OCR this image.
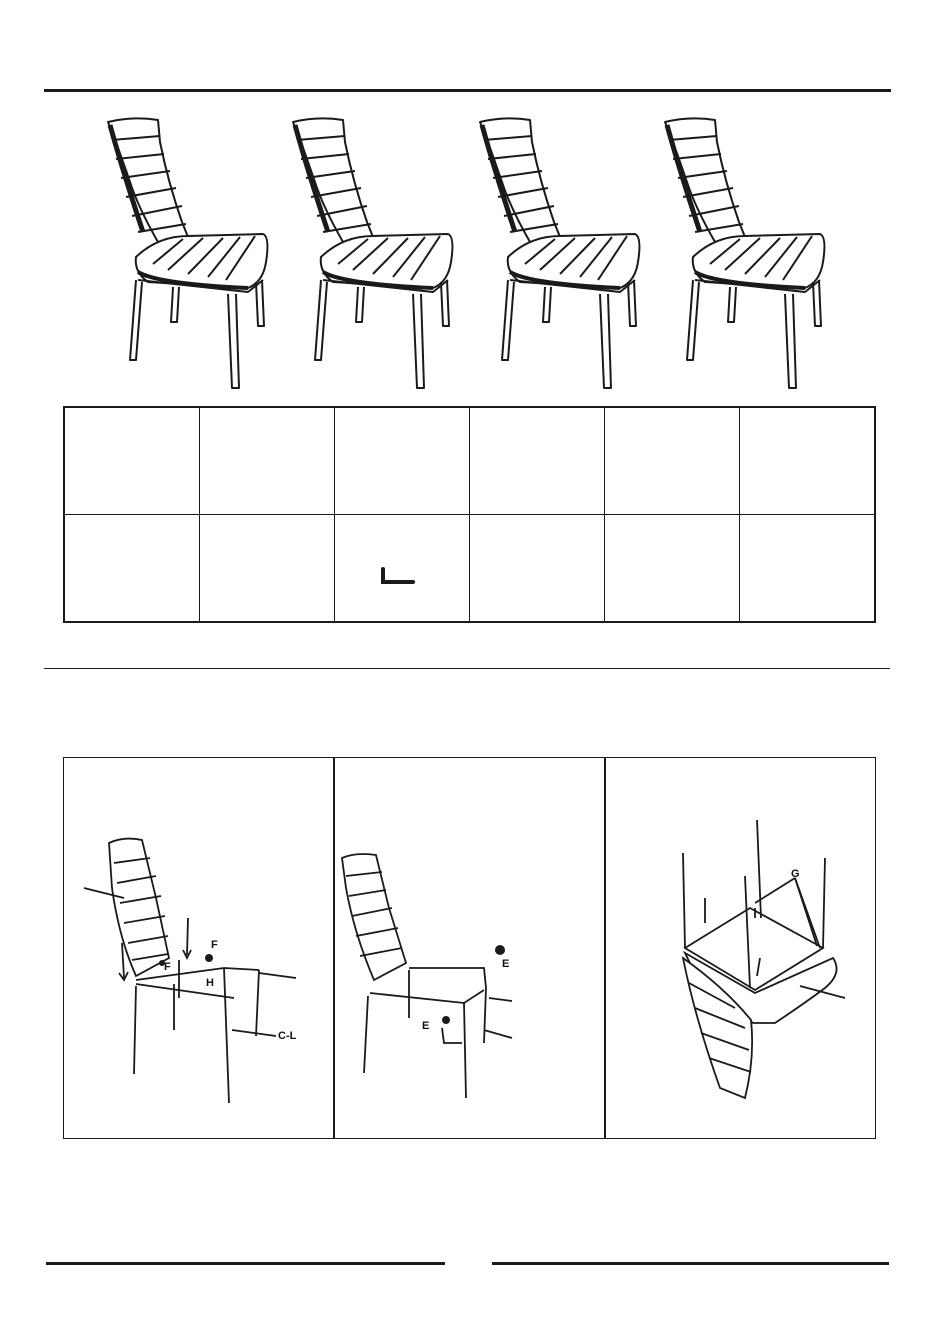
F
F
H
C-L
E
E
G
